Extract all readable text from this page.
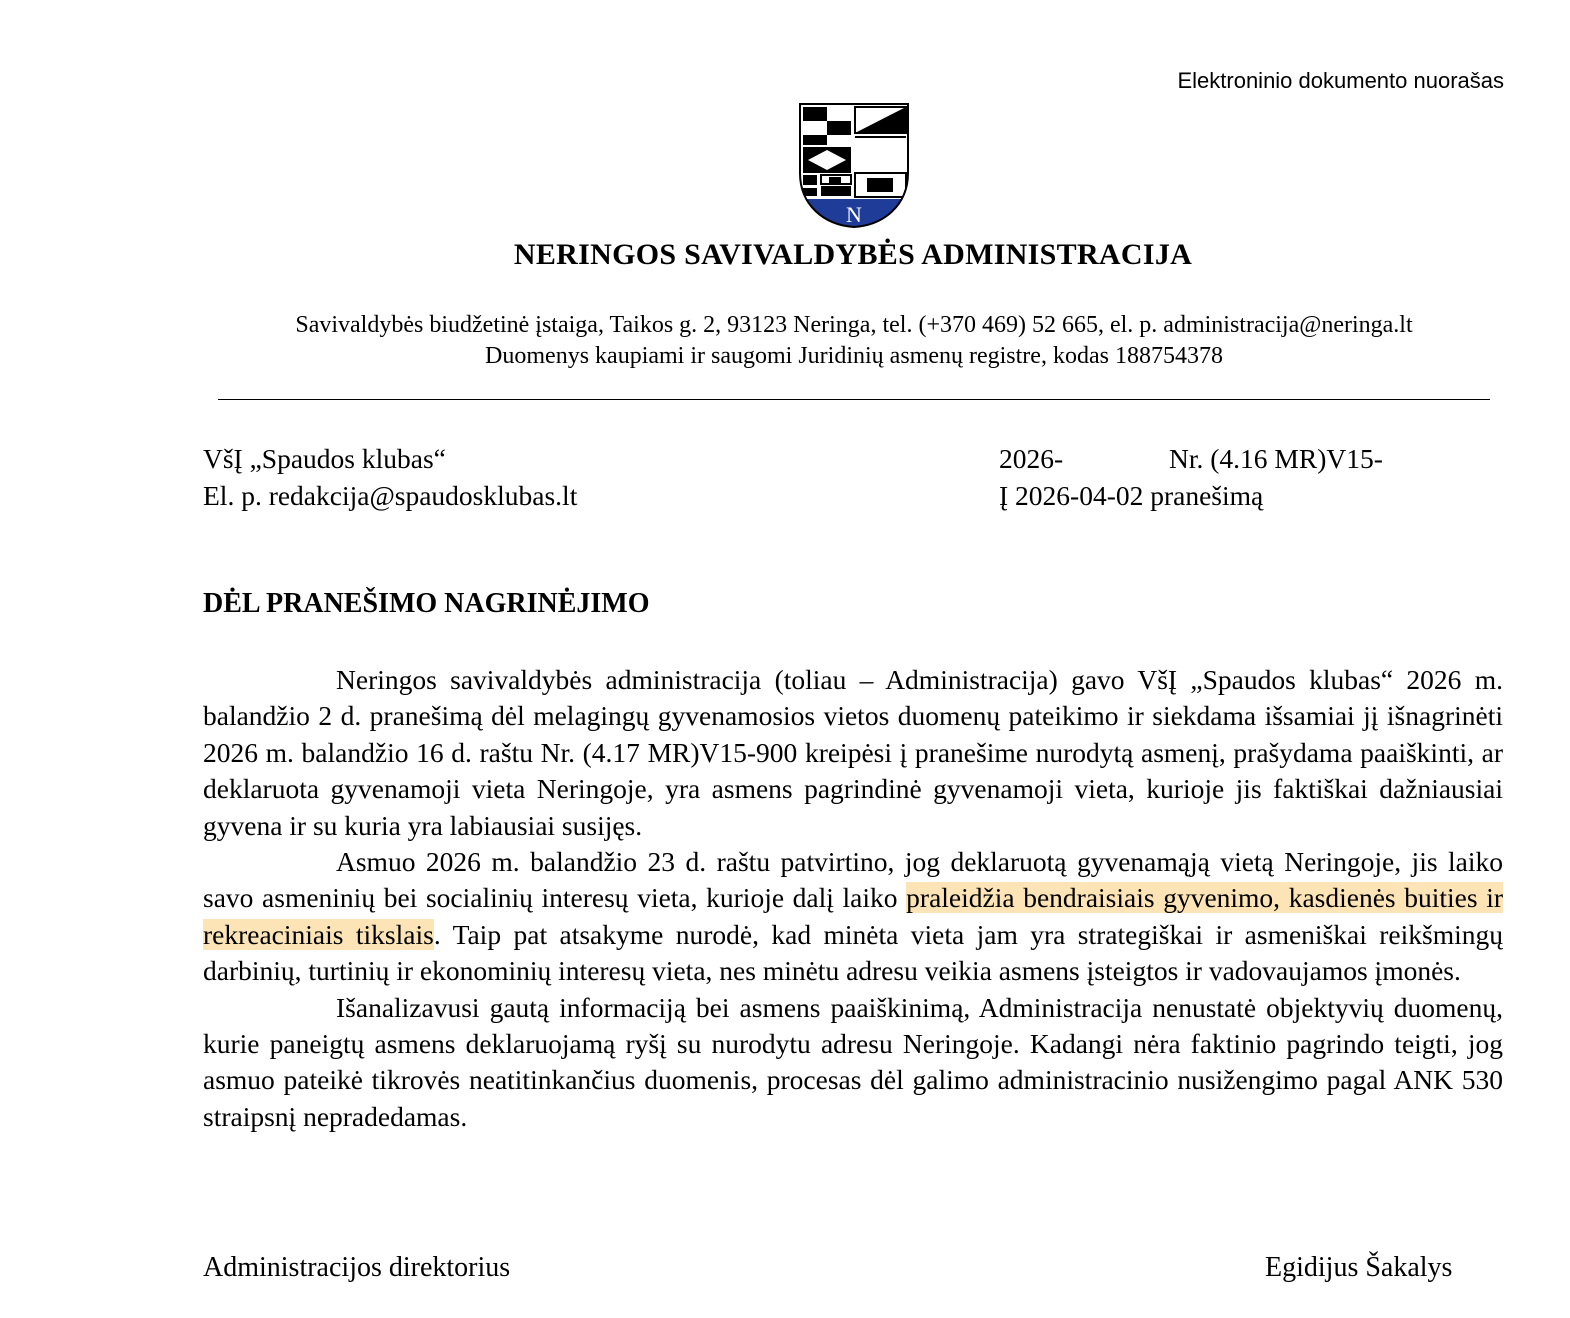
Elektroninio dokumento nuorašas
N
NERINGOS SAVIVALDYBĖS ADMINISTRACIJA
Savivaldybės biudžetinė įstaiga, Taikos g. 2, 93123 Neringa, tel. (+370 469) 52 665, el. p. administracija@neringa.lt
Duomenys kaupiami ir saugomi Juridinių asmenų registre, kodas 188754378
VšĮ „Spaudos klubas“
El. p. redakcija@spaudosklubas.lt
2026-	Nr. (4.16 MR)V15-
Į 2026-04-02 pranešimą
DĖL PRANEŠIMO NAGRINĖJIMO

Neringos savivaldybės administracija (toliau – Administracija) gavo VšĮ „Spaudos klubas“ 2026 m. balandžio 2 d. pranešimą dėl melagingų gyvenamosios vietos duomenų pateikimo ir siekdama išsamiai jį išnagrinėti 2026 m. balandžio 16 d. raštu Nr. (4.17 MR)V15-900 kreipėsi į pranešime nurodytą asmenį, prašydama paaiškinti, ar deklaruota gyvenamoji vieta Neringoje, yra asmens pagrindinė gyvenamoji vieta, kurioje jis faktiškai dažniausiai gyvena ir su kuria yra labiausiai susijęs.

Asmuo 2026 m. balandžio 23 d. raštu patvirtino, jog deklaruotą gyvenamąją vietą Neringoje, jis laiko savo asmeninių bei socialinių interesų vieta, kurioje dalį laiko praleidžia bendraisiais gyvenimo, kasdienės buities ir rekreaciniais tikslais. Taip pat atsakyme nurodė, kad minėta vieta jam yra strategiškai ir asmeniškai reikšmingų darbinių, turtinių ir ekonominių interesų vieta, nes minėtu adresu veikia asmens įsteigtos ir vadovaujamos įmonės.

Išanalizavusi gautą informaciją bei asmens paaiškinimą, Administracija nenustatė objektyvių duomenų, kurie paneigtų asmens deklaruojamą ryšį su nurodytu adresu Neringoje. Kadangi nėra faktinio pagrindo teigti, jog asmuo pateikė tikrovės neatitinkančius duomenis, procesas dėl galimo administracinio nusižengimo pagal ANK 530 straipsnį nepradedamas.

Administracijos direktorius	Egidijus Šakalys
